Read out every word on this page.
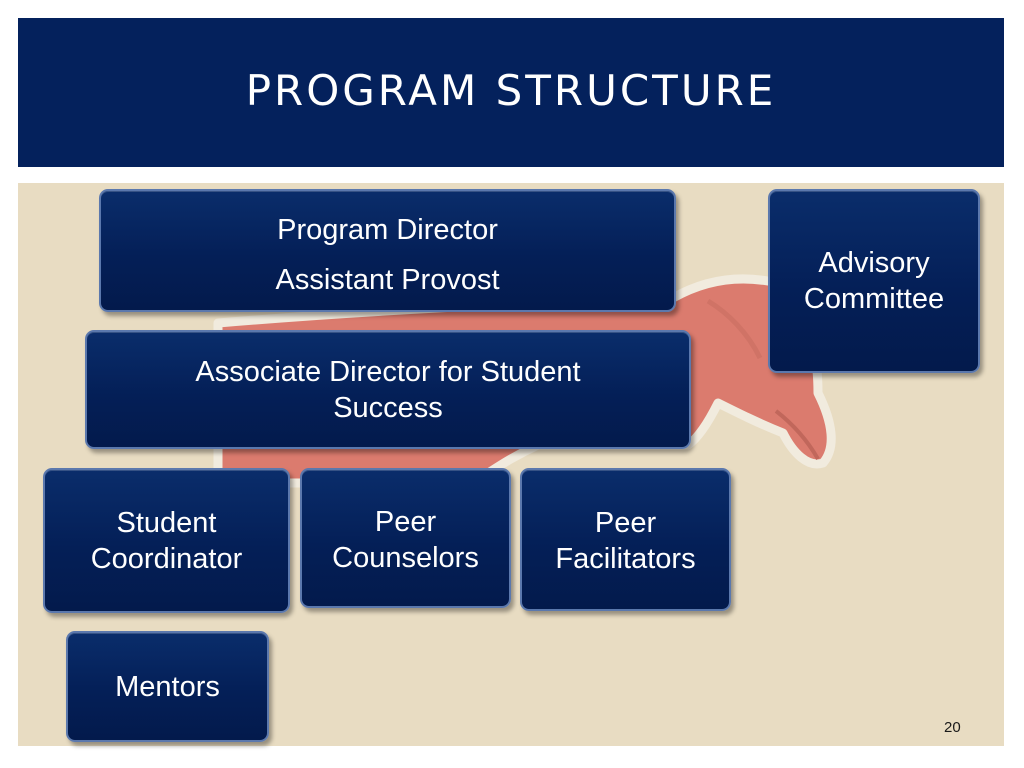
PROGRAM STRUCTURE
Program Director
Assistant Provost
Advisory
Committee
Associate Director for Student
Success
Student
Coordinator
Peer
Counselors
Peer
Facilitators
Mentors
20
